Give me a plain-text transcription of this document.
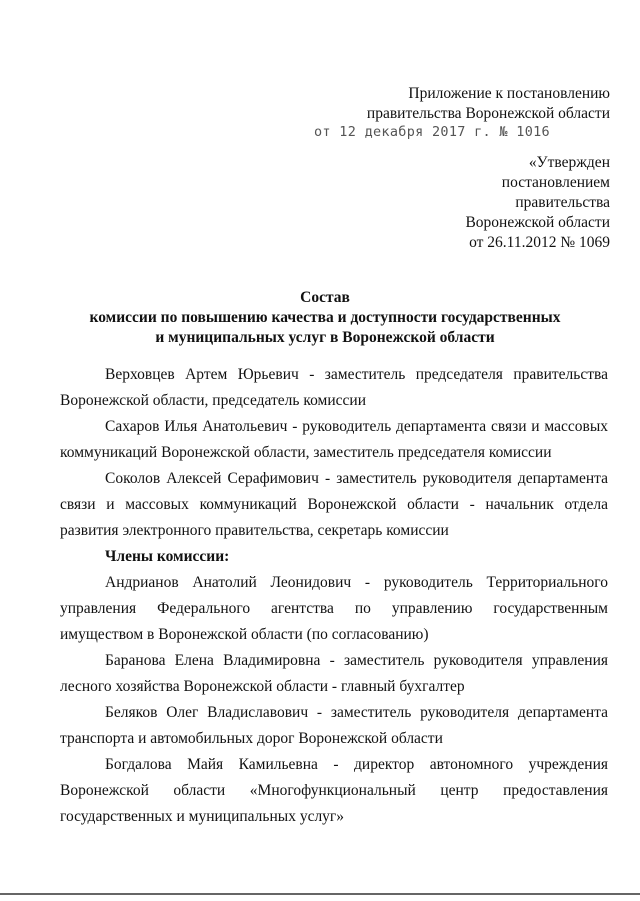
Приложение к постановлению
правительства Воронежской области
от 12 декабря 2017 г. № 1016
«Утвержден
постановлением
правительства
Воронежской области
от 26.11.2012 № 1069
Состав
комиссии по повышению качества и доступности государственных
и муниципальных услуг в Воронежской области

Верховцев Артем Юрьевич - заместитель председателя правительства Воронежской области, председатель комиссии

Сахаров Илья Анатольевич - руководитель департамента связи и массовых коммуникаций Воронежской области, заместитель председателя комиссии

Соколов Алексей Серафимович - заместитель руководителя департамента связи и массовых коммуникаций Воронежской области - начальник отдела развития электронного правительства, секретарь комиссии

Члены комиссии:

Андрианов Анатолий Леонидович - руководитель Территориального управления Федерального агентства по управлению государственным имуществом в Воронежской области (по согласованию)

Баранова Елена Владимировна - заместитель руководителя управления лесного хозяйства Воронежской области - главный бухгалтер

Беляков Олег Владиславович - заместитель руководителя департамента транспорта и автомобильных дорог Воронежской области

Богдалова Майя Камильевна - директор автономного учреждения Воронежской области «Многофункциональный центр предоставления государственных и муниципальных услуг»
